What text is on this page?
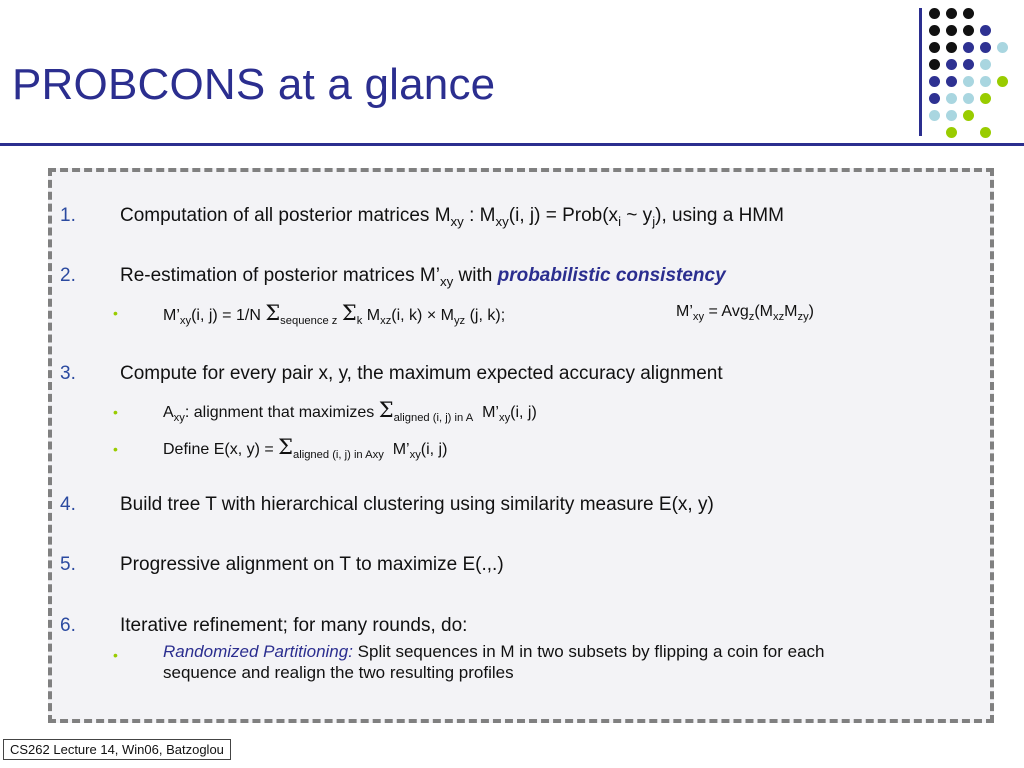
PROBCONS at a glance
1. Computation of all posterior matrices $M_{xy}$ : $M_{xy}(i$, $j) = Prob(x_i$ ~ $y_j$), using a HMM
2. Re-estimation of posterior matrices $M’_{xy}$ with probabilistic consistency
•	$M’_{xy}(i$, j) = 1/N $\Sigma_{sequence z}$ $\Sigma_k$ $M_{xz}(i$, $k) \times M_{yz}$ (j, k);	$M’_{xy} = Avg_z(M_{xz}M_{zy})$
3. Compute for every pair x, y, the maximum expected accuracy alignment
•	$A_{xy}$: alignment that maximizes $\Sigma_{aligned (i, j) in A}$  $M’_{xy}(i$, j)
•	Define E(x, $y) = \Sigma_{aligned (i, j) in Axy}$  $M’_{xy}(i$, j)
4. Build tree T with hierarchical clustering using similarity measure E(x, y)
5. Progressive alignment on T to maximize E(.,.)
6. Iterative refinement; for many rounds, do:
•	Randomized Partitioning: Split sequences in M in two subsets by flipping a coin for each
sequence and realign the two resulting profiles
CS262 Lecture 14, Win06, Batzoglou
